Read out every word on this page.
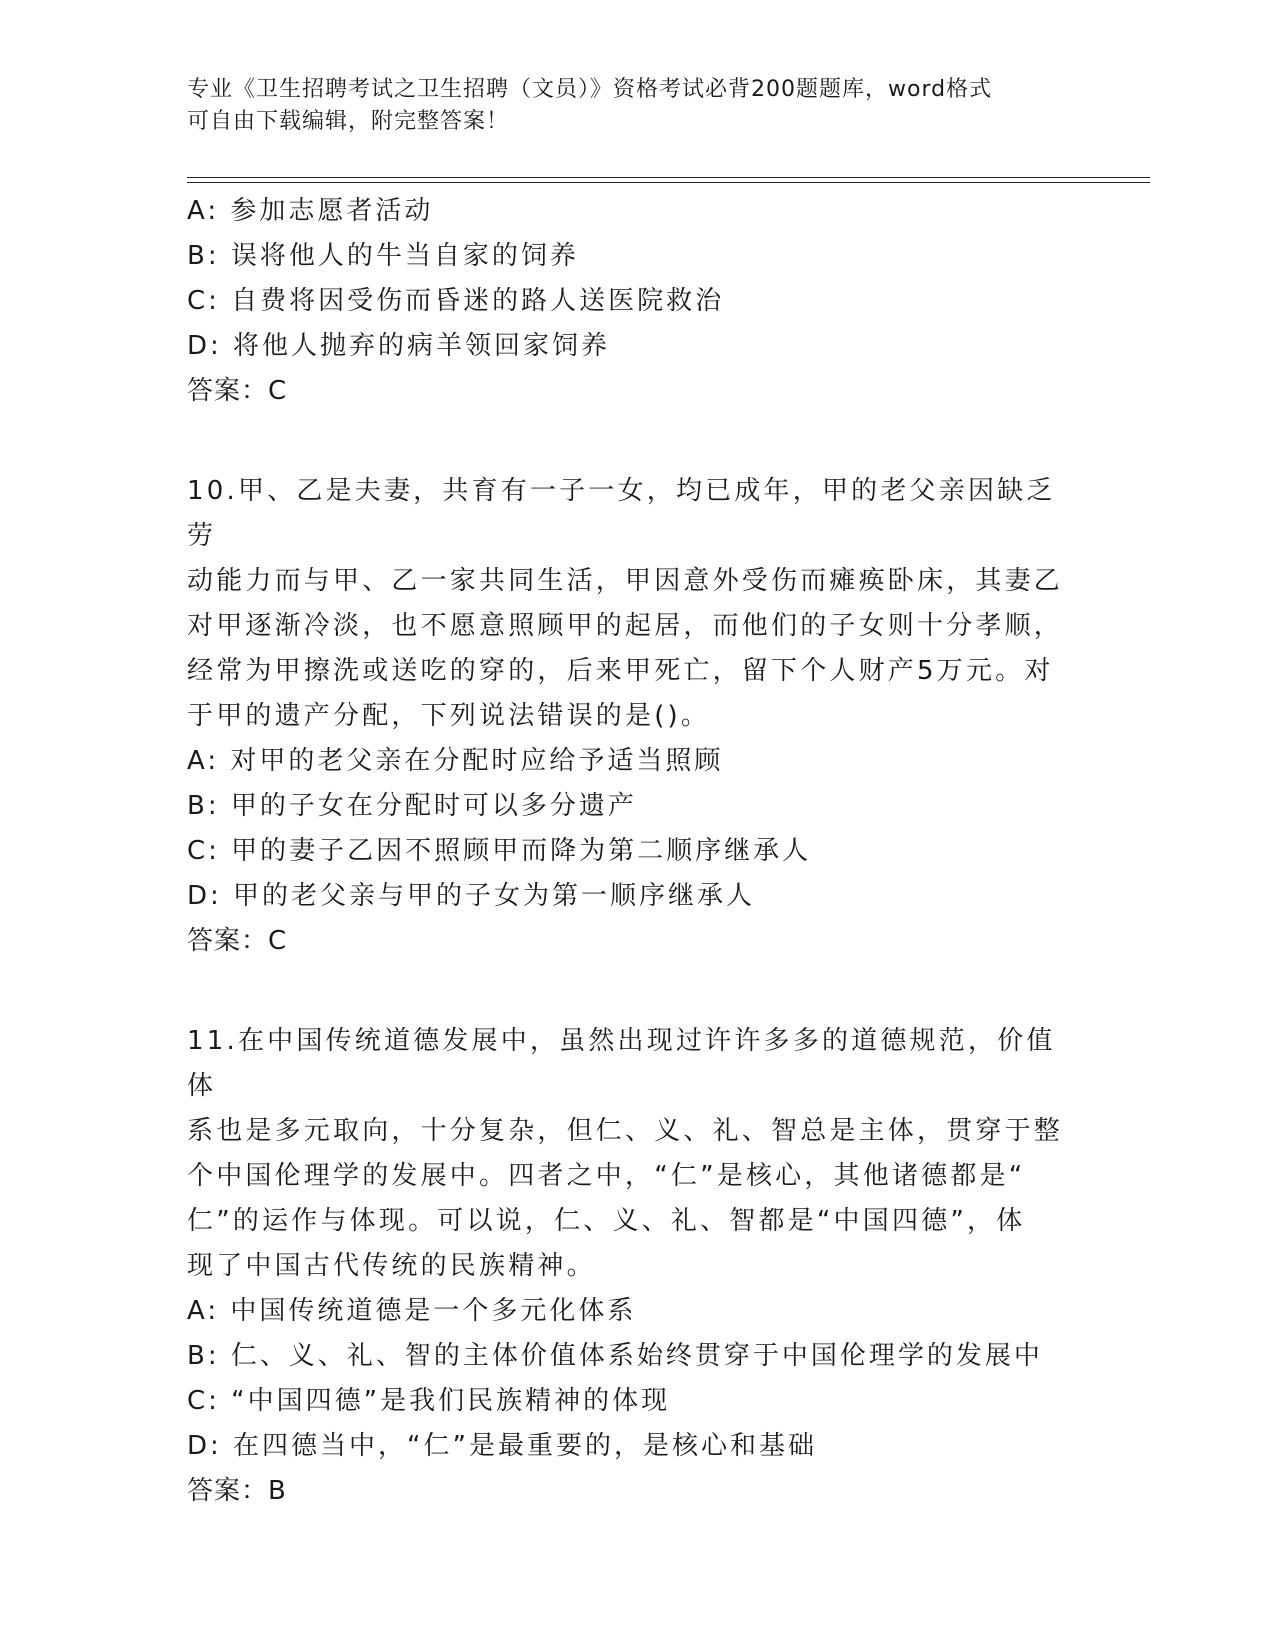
专业《卫生招聘考试之卫生招聘（文员）》资格考试必背200题题库，word格式
可自由下载编辑，附完整答案！
A: 参加志愿者活动
B: 误将他人的牛当自家的饲养
C: 自费将因受伤而昏迷的路人送医院救治
D: 将他人抛弃的病羊领回家饲养
答案：C
10.甲、乙是夫妻，共育有一子一女，均已成年，甲的老父亲因缺乏劳
动能力而与甲、乙一家共同生活，甲因意外受伤而瘫痪卧床，其妻乙
对甲逐渐冷淡，也不愿意照顾甲的起居，而他们的子女则十分孝顺，
经常为甲擦洗或送吃的穿的，后来甲死亡，留下个人财产5万元。对
于甲的遗产分配，下列说法错误的是()。
A: 对甲的老父亲在分配时应给予适当照顾
B: 甲的子女在分配时可以多分遗产
C: 甲的妻子乙因不照顾甲而降为第二顺序继承人
D: 甲的老父亲与甲的子女为第一顺序继承人
答案：C
11.在中国传统道德发展中，虽然出现过许许多多的道德规范，价值体
系也是多元取向，十分复杂，但仁、义、礼、智总是主体，贯穿于整
个中国伦理学的发展中。四者之中，“仁”是核心，其他诸德都是“
仁”的运作与体现。可以说，仁、义、礼、智都是“中国四德”，体
现了中国古代传统的民族精神。
A: 中国传统道德是一个多元化体系
B: 仁、义、礼、智的主体价值体系始终贯穿于中国伦理学的发展中
C: “中国四德”是我们民族精神的体现
D: 在四德当中，“仁”是最重要的，是核心和基础
答案：B
